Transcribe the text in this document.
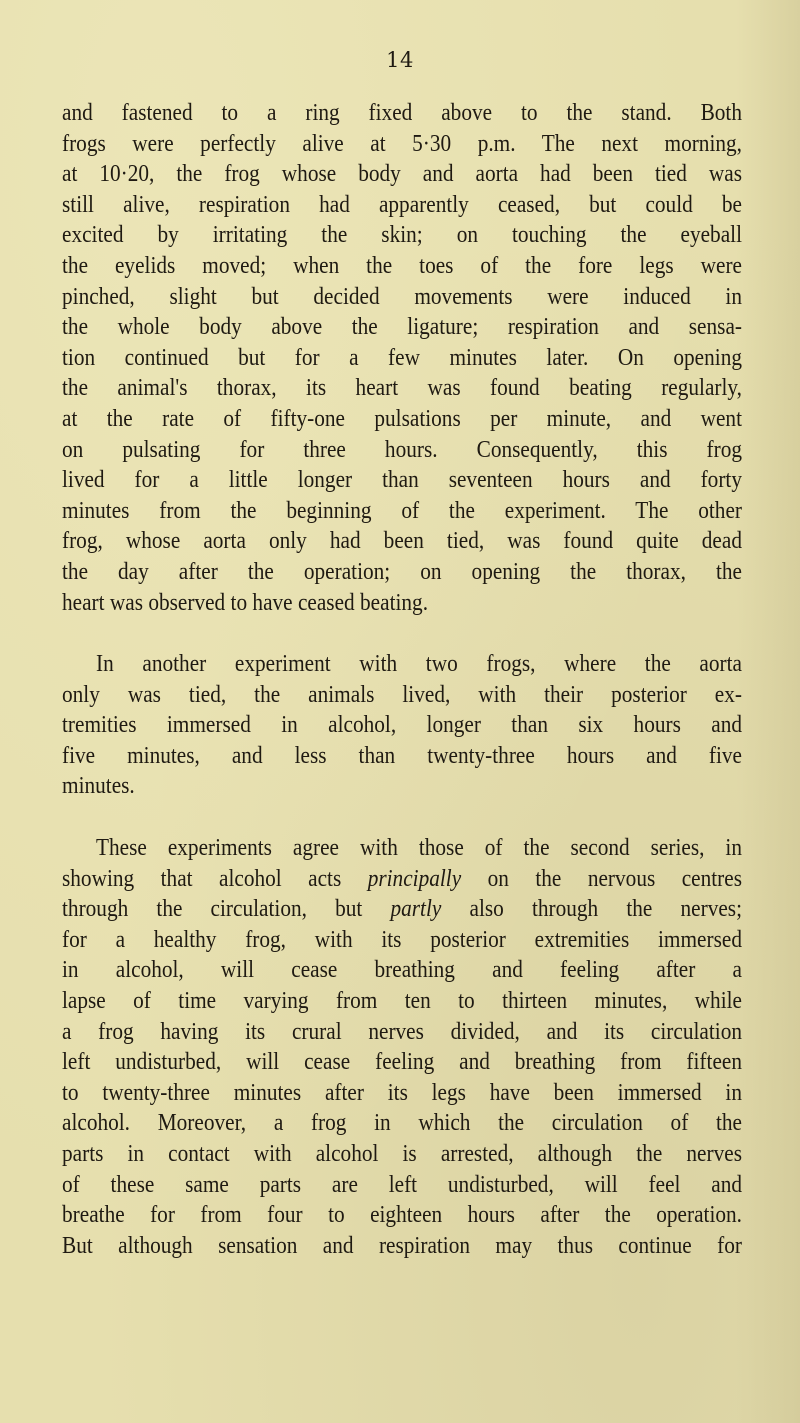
14
and fastened to a ring fixed above to the stand. Both
frogs were perfectly alive at 5·30 p.m. The next morning,
at 10·20, the frog whose body and aorta had been tied was
still alive, respiration had apparently ceased, but could be
excited by irritating the skin; on touching the eyeball
the eyelids moved; when the toes of the fore legs were
pinched, slight but decided movements were induced in
the whole body above the ligature; respiration and sensa-
tion continued but for a few minutes later. On opening
the animal's thorax, its heart was found beating regularly,
at the rate of fifty-one pulsations per minute, and went
on pulsating for three hours. Consequently, this frog
lived for a little longer than seventeen hours and forty
minutes from the beginning of the experiment. The other
frog, whose aorta only had been tied, was found quite dead
the day after the operation; on opening the thorax, the
heart was observed to have ceased beating.
In another experiment with two frogs, where the aorta
only was tied, the animals lived, with their posterior ex-
tremities immersed in alcohol, longer than six hours and
five minutes, and less than twenty-three hours and five
minutes.
These experiments agree with those of the second series, in
showing that alcohol acts principally on the nervous centres
through the circulation, but partly also through the nerves;
for a healthy frog, with its posterior extremities immersed
in alcohol, will cease breathing and feeling after a
lapse of time varying from ten to thirteen minutes, while
a frog having its crural nerves divided, and its circulation
left undisturbed, will cease feeling and breathing from fifteen
to twenty-three minutes after its legs have been immersed in
alcohol. Moreover, a frog in which the circulation of the
parts in contact with alcohol is arrested, although the nerves
of these same parts are left undisturbed, will feel and
breathe for from four to eighteen hours after the operation.
But although sensation and respiration may thus continue for
